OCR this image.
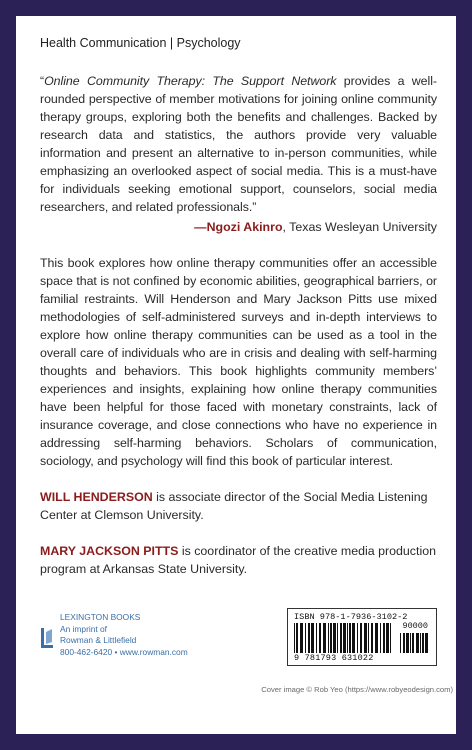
Health Communication | Psychology

“Online Community Therapy: The Support Network provides a well-rounded perspective of member motivations for joining online community therapy groups, exploring both the benefits and challenges. Backed by research data and statistics, the authors provide very valuable information and present an alternative to in-person communities, while emphasizing an overlooked aspect of social media. This is a must-have for individuals seeking emotional support, counselors, social media researchers, and related professionals.”

—Ngozi Akinro, Texas Wesleyan University

This book explores how online therapy communities offer an accessible space that is not confined by economic abilities, geographical barriers, or familial restraints. Will Henderson and Mary Jackson Pitts use mixed methodologies of self-administered surveys and in-depth interviews to explore how online therapy communities can be used as a tool in the overall care of individuals who are in crisis and dealing with self-harming thoughts and behaviors. This book highlights community members’ experiences and insights, explaining how online therapy communities have been helpful for those faced with monetary constraints, lack of insurance coverage, and close connections who have no experience in addressing self-harming behaviors. Scholars of communication, sociology, and psychology will find this book of particular interest.

WILL HENDERSON is associate director of the Social Media Listening Center at Clemson University.

MARY JACKSON PITTS is coordinator of the creative media production program at Arkansas State University.

LEXINGTON BOOKS
An imprint of
Rowman & Littlefield
800-462-6420 • www.rowman.com
ISBN 978-1-7936-3102-2
90000
9 781793 631022
Cover image © Rob Yeo (https://www.robyeodesign.com)
